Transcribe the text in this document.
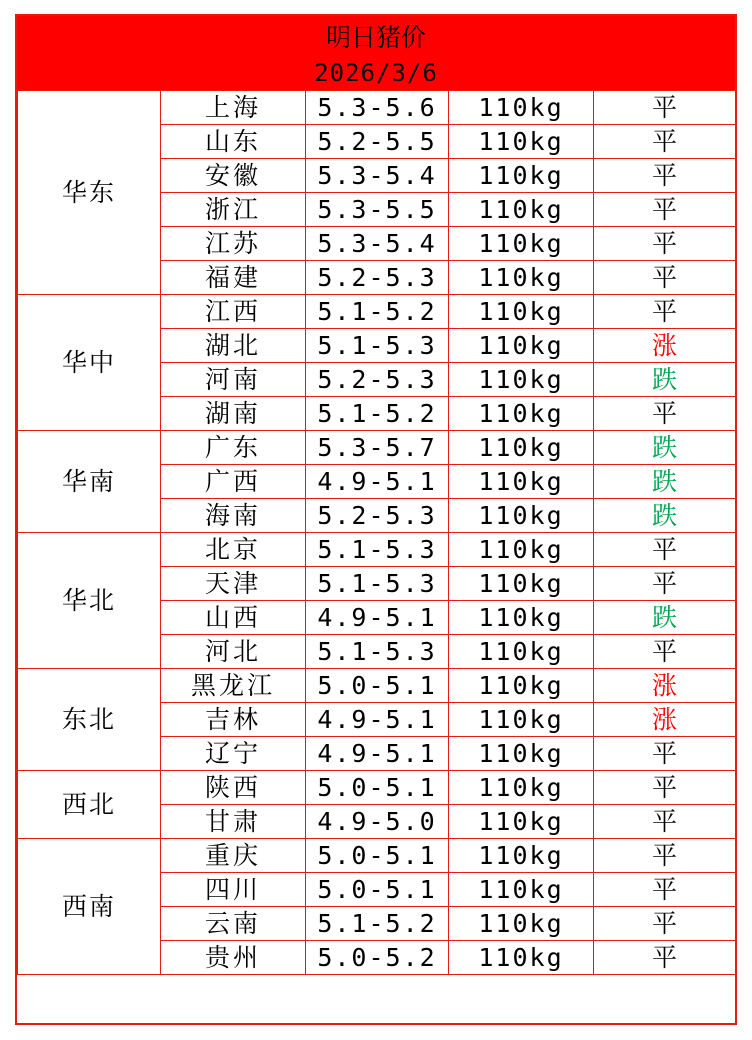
明日猪价
2026/3/6
华东	上海	5.3-5.6	110kg	平
	山东	5.2-5.5	110kg	平
	安徽	5.3-5.4	110kg	平
	浙江	5.3-5.5	110kg	平
	江苏	5.3-5.4	110kg	平
	福建	5.2-5.3	110kg	平
华中	江西	5.1-5.2	110kg	平
	湖北	5.1-5.3	110kg	涨
	河南	5.2-5.3	110kg	跌
	湖南	5.1-5.2	110kg	平
华南	广东	5.3-5.7	110kg	跌
	广西	4.9-5.1	110kg	跌
	海南	5.2-5.3	110kg	跌
华北	北京	5.1-5.3	110kg	平
	天津	5.1-5.3	110kg	平
	山西	4.9-5.1	110kg	跌
	河北	5.1-5.3	110kg	平
东北	黑龙江	5.0-5.1	110kg	涨
	吉林	4.9-5.1	110kg	涨
	辽宁	4.9-5.1	110kg	平
西北	陕西	5.0-5.1	110kg	平
	甘肃	4.9-5.0	110kg	平
西南	重庆	5.0-5.1	110kg	平
	四川	5.0-5.1	110kg	平
	云南	5.1-5.2	110kg	平
	贵州	5.0-5.2	110kg	平
